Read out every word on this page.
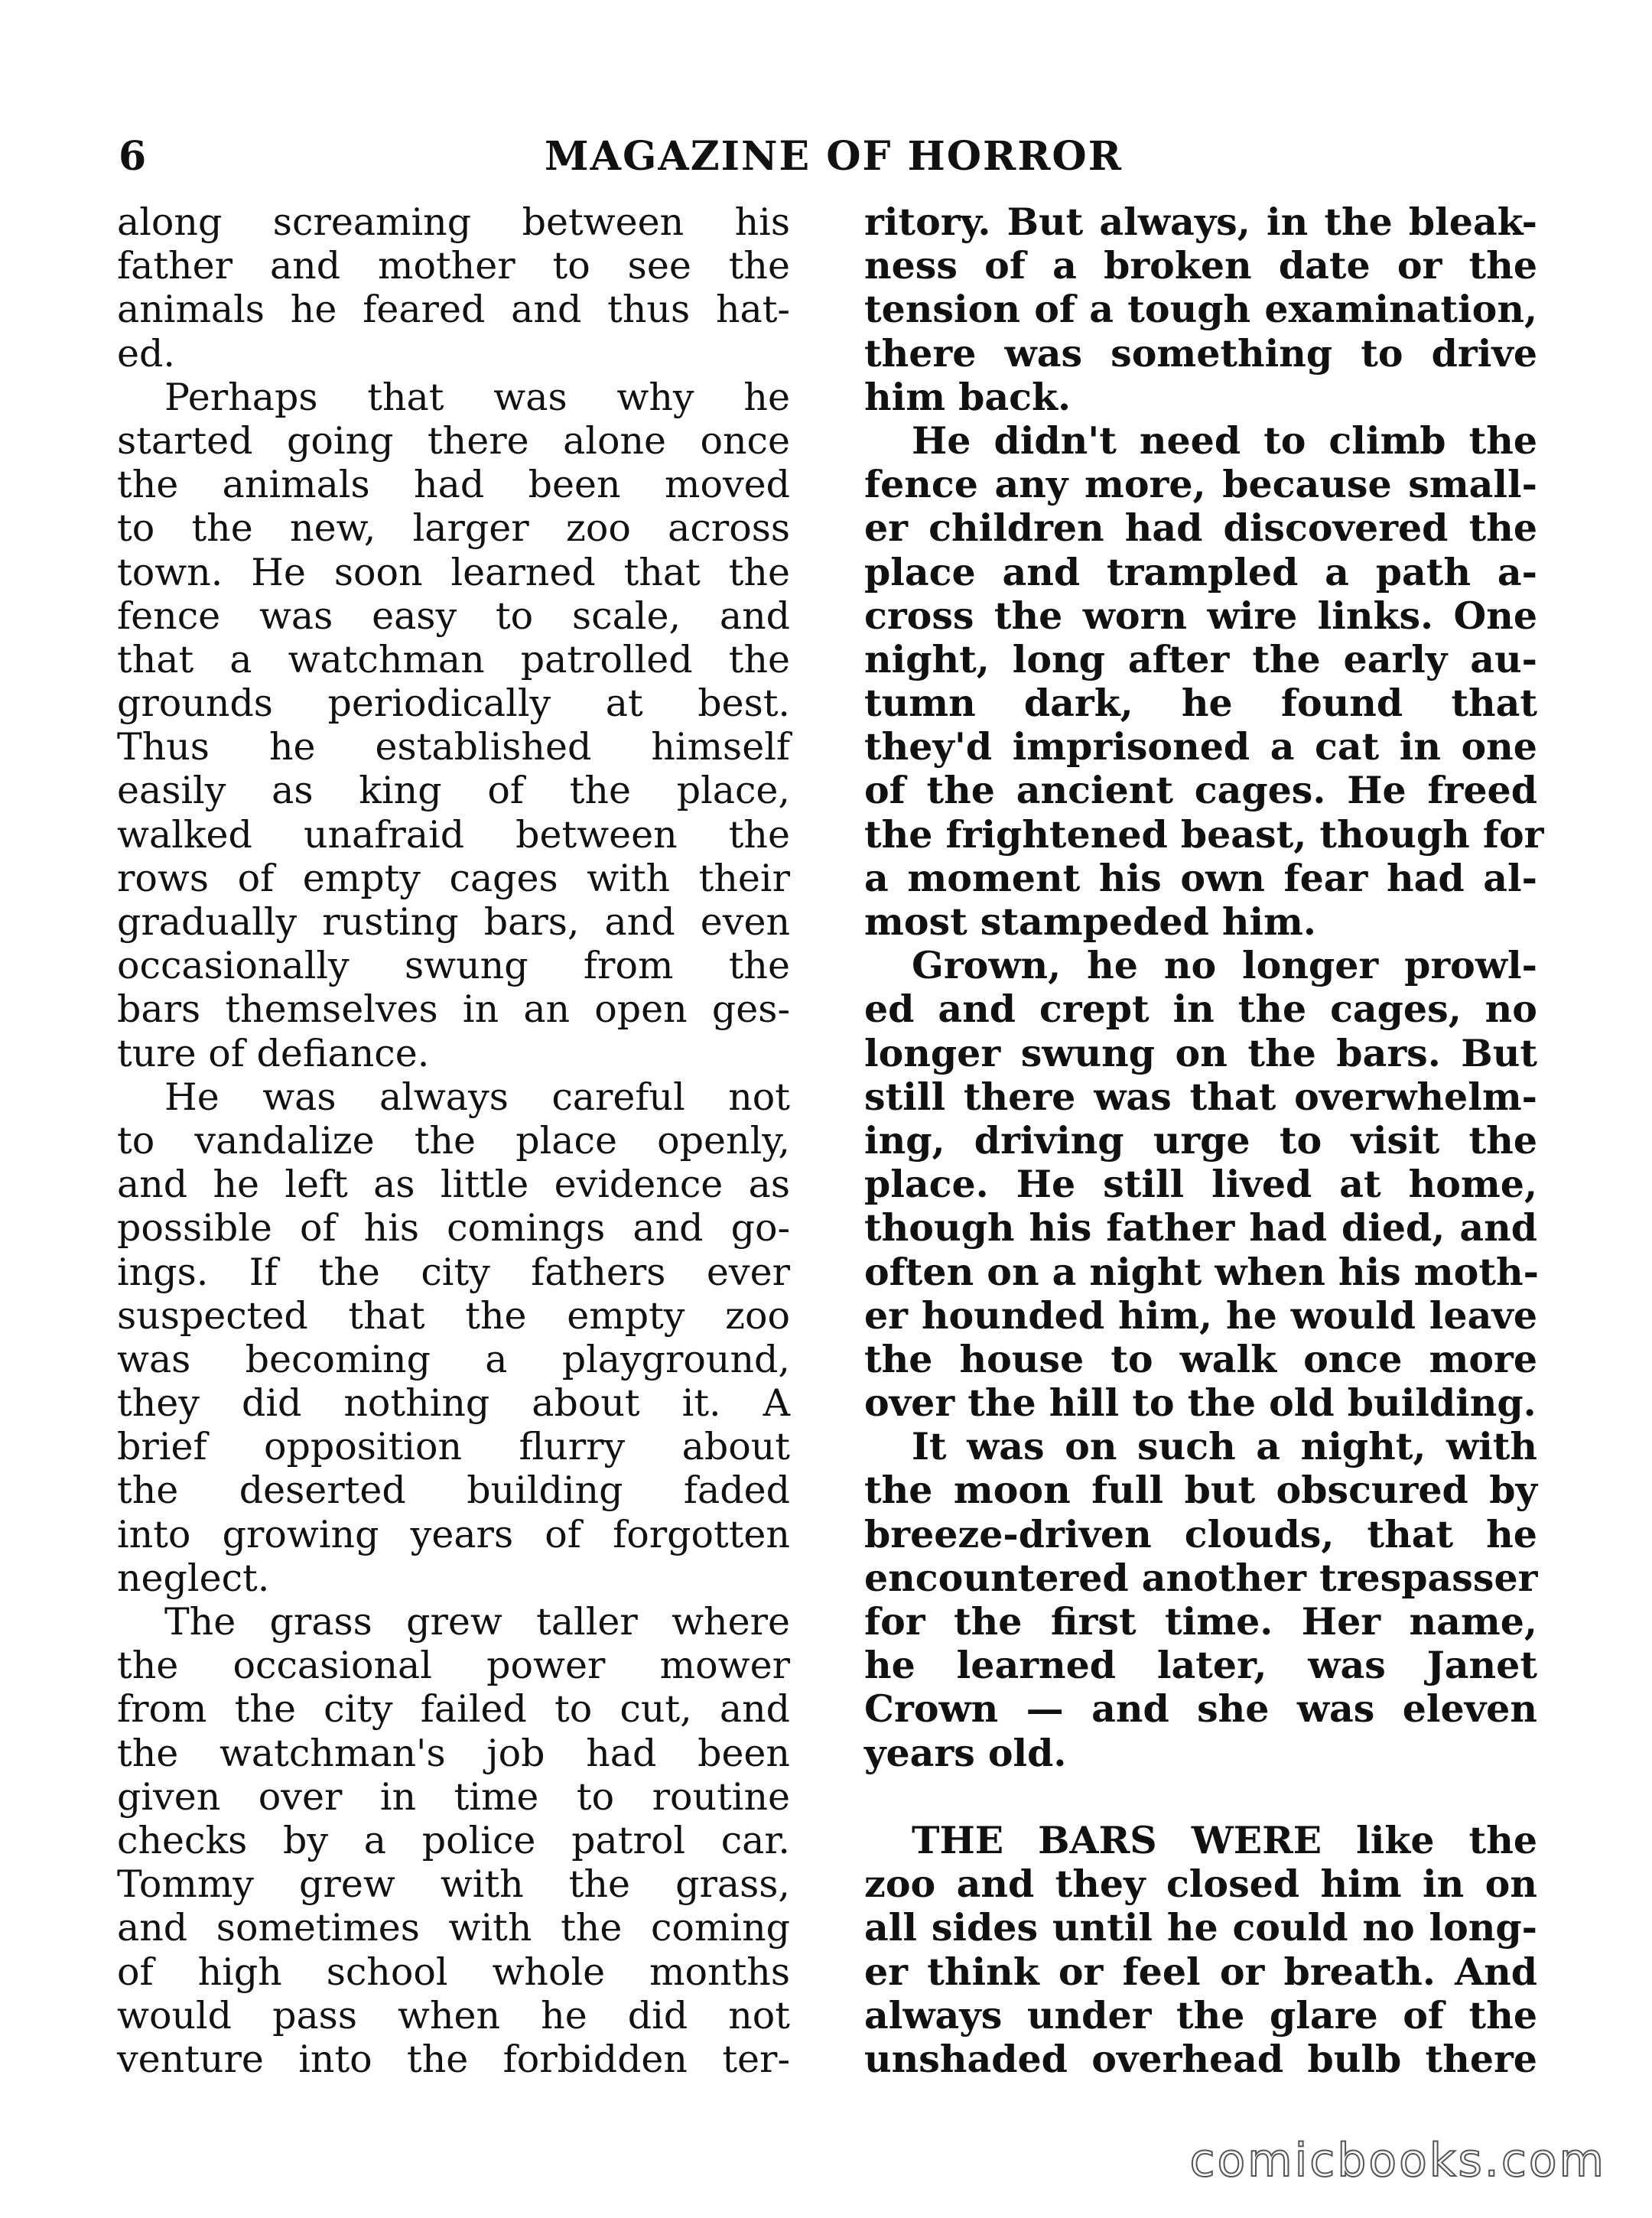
6	MAGAZINE OF HORROR
along screaming between his
father and mother to see the
animals he feared and thus hat-
ed.
Perhaps that was why he
started going there alone once
the animals had been moved
to the new, larger zoo across
town. He soon learned that the
fence was easy to scale, and
that a watchman patrolled the
grounds periodically at best.
Thus he established himself
easily as king of the place,
walked unafraid between the
rows of empty cages with their
gradually rusting bars, and even
occasionally swung from the
bars themselves in an open ges-
ture of defiance.
He was always careful not
to vandalize the place openly,
and he left as little evidence as
possible of his comings and go-
ings. If the city fathers ever
suspected that the empty zoo
was becoming a playground,
they did nothing about it. A
brief opposition flurry about
the deserted building faded
into growing years of forgotten
neglect.
The grass grew taller where
the occasional power mower
from the city failed to cut, and
the watchman's job had been
given over in time to routine
checks by a police patrol car.
Tommy grew with the grass,
and sometimes with the coming
of high school whole months
would pass when he did not
venture into the forbidden ter-
ritory. But always, in the bleak-
ness of a broken date or the
tension of a tough examination,
there was something to drive
him back.
He didn't need to climb the
fence any more, because small-
er children had discovered the
place and trampled a path a-
cross the worn wire links. One
night, long after the early au-
tumn dark, he found that
they'd imprisoned a cat in one
of the ancient cages. He freed
the frightened beast, though for
a moment his own fear had al-
most stampeded him.
Grown, he no longer prowl-
ed and crept in the cages, no
longer swung on the bars. But
still there was that overwhelm-
ing, driving urge to visit the
place. He still lived at home,
though his father had died, and
often on a night when his moth-
er hounded him, he would leave
the house to walk once more
over the hill to the old building.
It was on such a night, with
the moon full but obscured by
breeze-driven clouds, that he
encountered another trespasser
for the first time. Her name,
he learned later, was Janet
Crown — and she was eleven
years old.
THE BARS WERE like the
zoo and they closed him in on
all sides until he could no long-
er think or feel or breath. And
always under the glare of the
unshaded overhead bulb there
comicbooks.com
